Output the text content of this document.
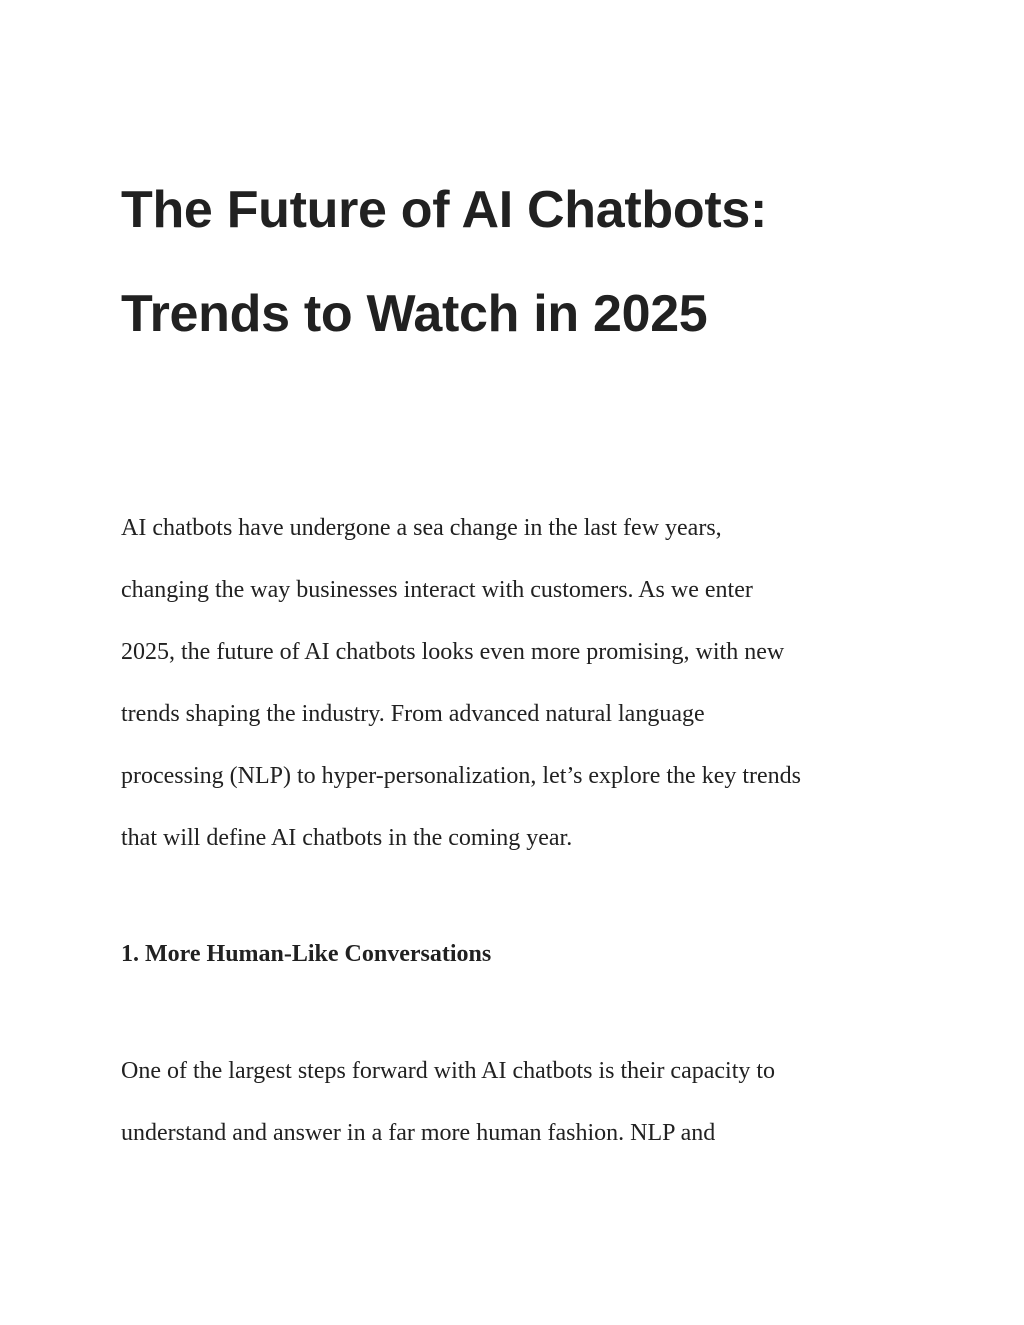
The Future of AI Chatbots:
Trends to Watch in 2025

AI chatbots have undergone a sea change in the last few years,
changing the way businesses interact with customers. As we enter
2025, the future of AI chatbots looks even more promising, with new
trends shaping the industry. From advanced natural language
processing (NLP) to hyper-personalization, let’s explore the key trends
that will define AI chatbots in the coming year.

1. More Human-Like Conversations

One of the largest steps forward with AI chatbots is their capacity to
understand and answer in a far more human fashion. NLP and
